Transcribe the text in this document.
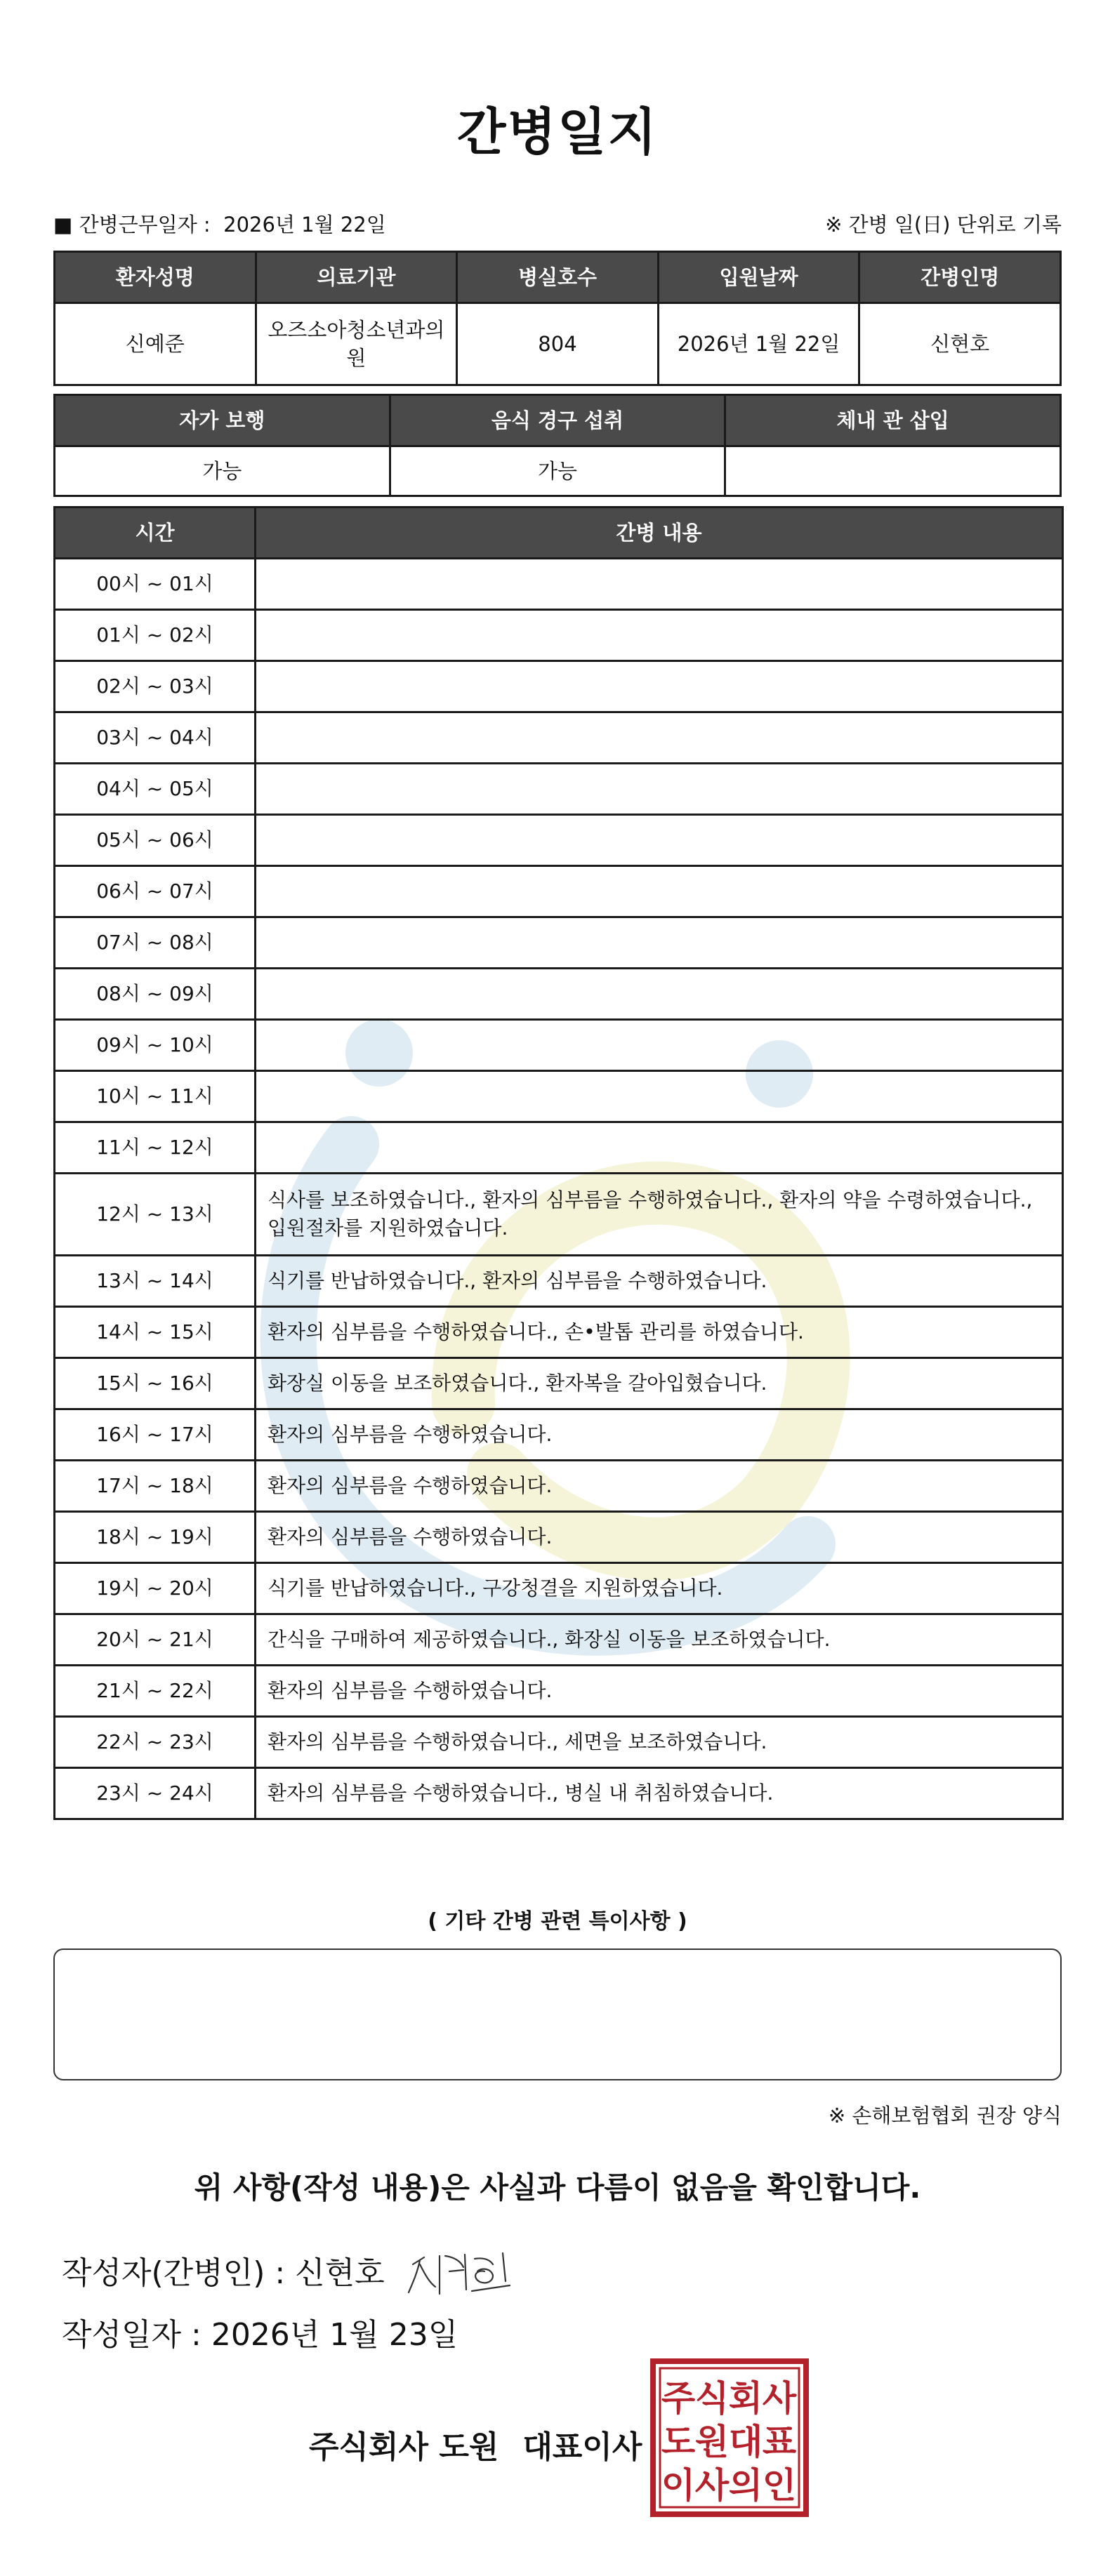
간병일지
■ 간병근무일자 : 2026년 1월 22일	※ 간병 일(日) 단위로 기록
환자성명	의료기관	병실호수	입원날짜	간병인명
신예준	오즈소아청소년과의원	804	2026년 1월 22일	신현호
자가 보행	음식 경구 섭취	체내 관 삽입
가능	가능	
시간	간병 내용
00시 ~ 01시	
01시 ~ 02시	
02시 ~ 03시	
03시 ~ 04시	
04시 ~ 05시	
05시 ~ 06시	
06시 ~ 07시	
07시 ~ 08시	
08시 ~ 09시	
09시 ~ 10시	
10시 ~ 11시	
11시 ~ 12시	
12시 ~ 13시	식사를 보조하였습니다., 환자의 심부름을 수행하였습니다., 환자의 약을 수령하였습니다., 입원절차를 지원하였습니다.
13시 ~ 14시	식기를 반납하였습니다., 환자의 심부름을 수행하였습니다.
14시 ~ 15시	환자의 심부름을 수행하였습니다., 손•발톱 관리를 하였습니다.
15시 ~ 16시	화장실 이동을 보조하였습니다., 환자복을 갈아입혔습니다.
16시 ~ 17시	환자의 심부름을 수행하였습니다.
17시 ~ 18시	환자의 심부름을 수행하였습니다.
18시 ~ 19시	환자의 심부름을 수행하였습니다.
19시 ~ 20시	식기를 반납하였습니다., 구강청결을 지원하였습니다.
20시 ~ 21시	간식을 구매하여 제공하였습니다., 화장실 이동을 보조하였습니다.
21시 ~ 22시	환자의 심부름을 수행하였습니다.
22시 ~ 23시	환자의 심부름을 수행하였습니다., 세면을 보조하였습니다.
23시 ~ 24시	환자의 심부름을 수행하였습니다., 병실 내 취침하였습니다.
( 기타 간병 관련 특이사항 )
※ 손해보험협회 권장 양식
위 사항(작성 내용)은 사실과 다름이 없음을 확인합니다.
작성자(간병인) : 신현호
작성일자 : 2026년 1월 23일
주식회사 도원 대표이사
주 식 회 사
도 원 대 표
이 사 의 인
